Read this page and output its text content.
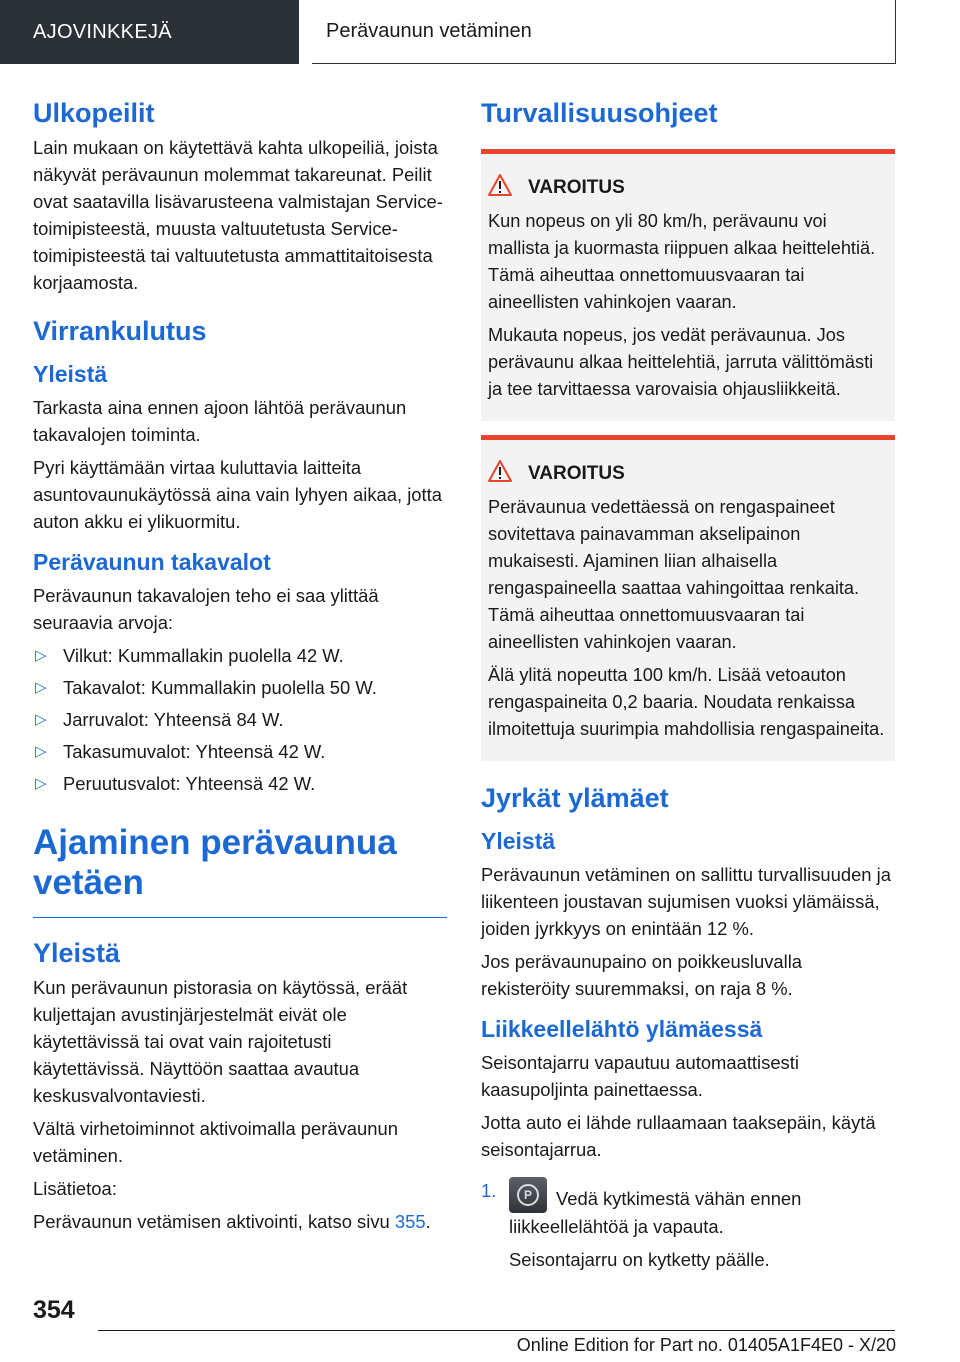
AJOVINKKEJÄ	Perävaunun vetäminen
Ulkopeilit

Lain mukaan on käytettävä kahta ulkopeiliä, joista näkyvät perävaunun molemmat takareunat. Peilit ovat saatavilla lisävarusteena valmistajan Service-toimipisteestä, muusta valtuutetusta Service-toimipisteestä tai valtuutetusta ammattitaitoisesta korjaamosta.

Virrankulutus
Yleistä

Tarkasta aina ennen ajoon lähtöä perävaunun takavalojen toiminta.

Pyri käyttämään virtaa kuluttavia laitteita asuntovaunukäytössä aina vain lyhyen aikaa, jotta auton akku ei ylikuormitu.

Perävaunun takavalot

Perävaunun takavalojen teho ei saa ylittää seuraavia arvoja:

▷ Vilkut: Kummallakin puolella 42 W.
▷ Takavalot: Kummallakin puolella 50 W.
▷ Jarruvalot: Yhteensä 84 W.
▷ Takasumuvalot: Yhteensä 42 W.
▷ Peruutusvalot: Yhteensä 42 W.
Ajaminen perävaunua vetäen
Yleistä

Kun perävaunun pistorasia on käytössä, eräät kuljettajan avustinjärjestelmät eivät ole käytettävissä tai ovat vain rajoitetusti käytettävissä. Näyttöön saattaa avautua keskusvalvontaviesti.

Vältä virhetoiminnot aktivoimalla perävaunun vetäminen.

Lisätietoa:

Perävaunun vetämisen aktivointi, katso sivu 355.

Turvallisuusohjeet
VAROITUS

Kun nopeus on yli 80 km/h, perävaunu voi mallista ja kuormasta riippuen alkaa heittelehtiä. Tämä aiheuttaa onnettomuusvaaran tai aineellisten vahinkojen vaaran.

Mukauta nopeus, jos vedät perävaunua. Jos perävaunu alkaa heittelehtiä, jarruta välittömästi ja tee tarvittaessa varovaisia ohjausliikkeitä.

VAROITUS

Perävaunua vedettäessä on rengaspaineet sovitettava painavamman akselipainon mukaisesti. Ajaminen liian alhaisella rengaspaineella saattaa vahingoittaa renkaita. Tämä aiheuttaa onnettomuusvaaran tai aineellisten vahinkojen vaaran.

Älä ylitä nopeutta 100 km/h. Lisää vetoauton rengaspaineita 0,2 baaria. Noudata renkaissa ilmoitettuja suurimpia mahdollisia rengaspaineita.

Jyrkät ylämäet
Yleistä

Perävaunun vetäminen on sallittu turvallisuuden ja liikenteen joustavan sujumisen vuoksi ylämäissä, joiden jyrkkyys on enintään 12 %.

Jos perävaunupaino on poikkeusluvalla rekisteröity suuremmaksi, on raja 8 %.

Liikkeellelähtö ylämäessä

Seisontajarru vapautuu automaattisesti kaasupoljinta painettaessa.

Jotta auto ei lähde rullaamaan taaksepäin, käytä seisontajarrua.

1.	P	Vedä kytkimestä vähän ennen liikkeellelähtöä ja vapauta.
Seisontajarru on kytketty päälle.
354
Online Edition for Part no. 01405A1F4E0 - X/20
